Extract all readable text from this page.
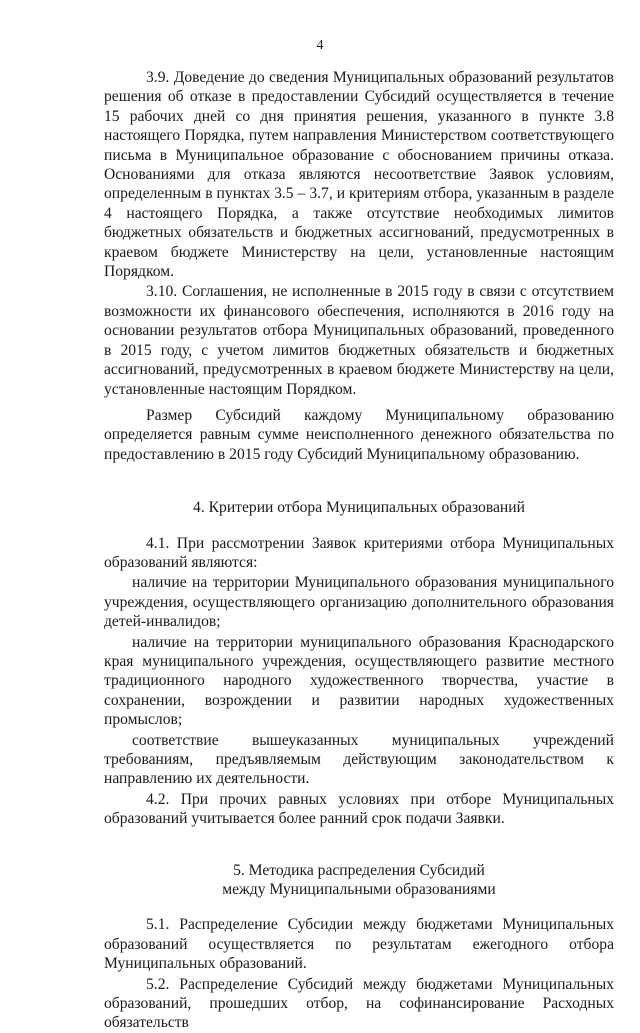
4

3.9. Доведение до сведения Муниципальных образований результатов решения об отказе в предоставлении Субсидий осуществляется в течение 15 рабочих дней со дня принятия решения, указанного в пункте 3.8 настоящего Порядка, путем направления Министерством соответствующего письма в Муниципальное образование с обоснованием причины отказа. Основаниями для отказа являются несоответствие Заявок условиям, определенным в пунктах 3.5 – 3.7, и критериям отбора, указанным в разделе 4 настоящего Порядка, а также отсутствие необходимых лимитов бюджетных обязательств и бюджетных ассигнований, предусмотренных в краевом бюджете Министерству на цели, установленные настоящим Порядком.

3.10. Соглашения, не исполненные в 2015 году в связи с отсутствием возможности их финансового обеспечения, исполняются в 2016 году на основании результатов отбора Муниципальных образований, проведенного в 2015 году, с учетом лимитов бюджетных обязательств и бюджетных ассигнований, предусмотренных в краевом бюджете Министерству на цели, установленные настоящим Порядком.

Размер Субсидий каждому Муниципальному образованию определяется равным сумме неисполненного денежного обязательства по предоставлению в 2015 году Субсидий Муниципальному образованию.

4. Критерии отбора Муниципальных образований

4.1. При рассмотрении Заявок критериями отбора Муниципальных образований являются:

наличие на территории Муниципального образования муниципального учреждения, осуществляющего организацию дополнительного образования детей-инвалидов;

наличие на территории муниципального образования Краснодарского края муниципального учреждения, осуществляющего развитие местного традиционного народного художественного творчества, участие в сохранении, возрождении и развитии народных художественных промыслов;

соответствие вышеуказанных муниципальных учреждений требованиям, предъявляемым действующим законодательством к направлению их деятельности.

4.2. При прочих равных условиях при отборе Муниципальных образований учитывается более ранний срок подачи Заявки.

5. Методика распределения Субсидий
между Муниципальными образованиями

5.1. Распределение Субсидии между бюджетами Муниципальных образований осуществляется по результатам ежегодного отбора Муниципальных образований.

5.2. Распределение Субсидий между бюджетами Муниципальных образований, прошедших отбор, на софинансирование Расходных обязательств
